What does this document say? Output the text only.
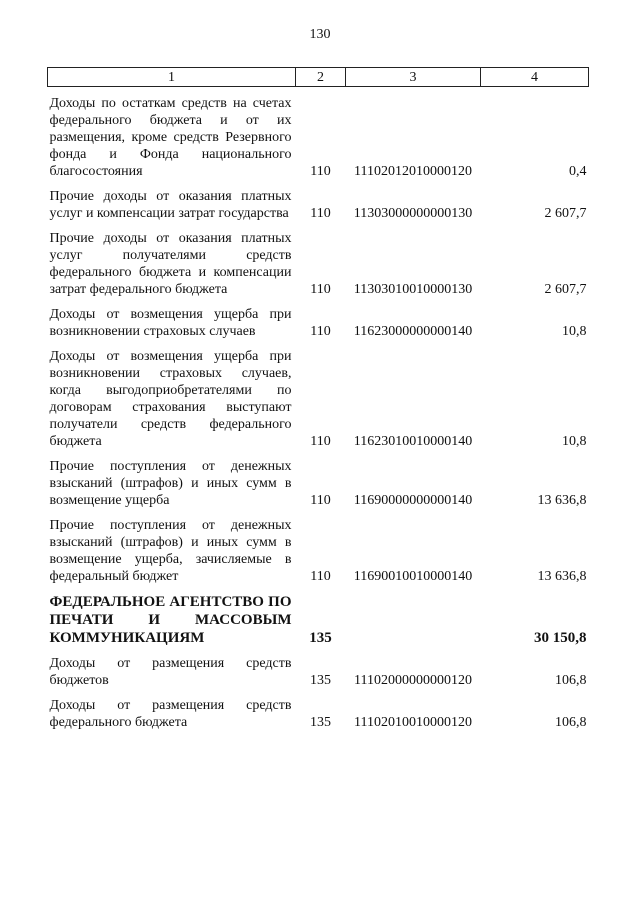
130
1	2	3	4

Доходы по остаткам средств на счетах федерального бюджета и от их размещения, кроме средств Резервного фонда и Фонда национального благосостояния	110	11102012010000120	0,4

Прочие доходы от оказания платных услуг и компенсации затрат государства	110	11303000000000130	2 607,7

Прочие доходы от оказания платных услуг получателями средств федерального бюджета и компенсации затрат федерального бюджета	110	11303010010000130	2 607,7

Доходы от возмещения ущерба при возникновении страховых случаев	110	11623000000000140	10,8

Доходы от возмещения ущерба при возникновении страховых случаев, когда выгодоприобретателями по договорам страхования выступают получатели средств федерального бюджета	110	11623010010000140	10,8

Прочие поступления от денежных взысканий (штрафов) и иных сумм в возмещение ущерба	110	11690000000000140	13 636,8

Прочие поступления от денежных взысканий (штрафов) и иных сумм в возмещение ущерба, зачисляемые в федеральный бюджет	110	11690010010000140	13 636,8

ФЕДЕРАЛЬНОЕ АГЕНТСТВО ПО ПЕЧАТИ И МАССОВЫМ КОММУНИКАЦИЯМ	135		30 150,8

Доходы от размещения средств бюджетов	135	11102000000000120	106,8

Доходы от размещения средств федерального бюджета	135	11102010010000120	106,8
